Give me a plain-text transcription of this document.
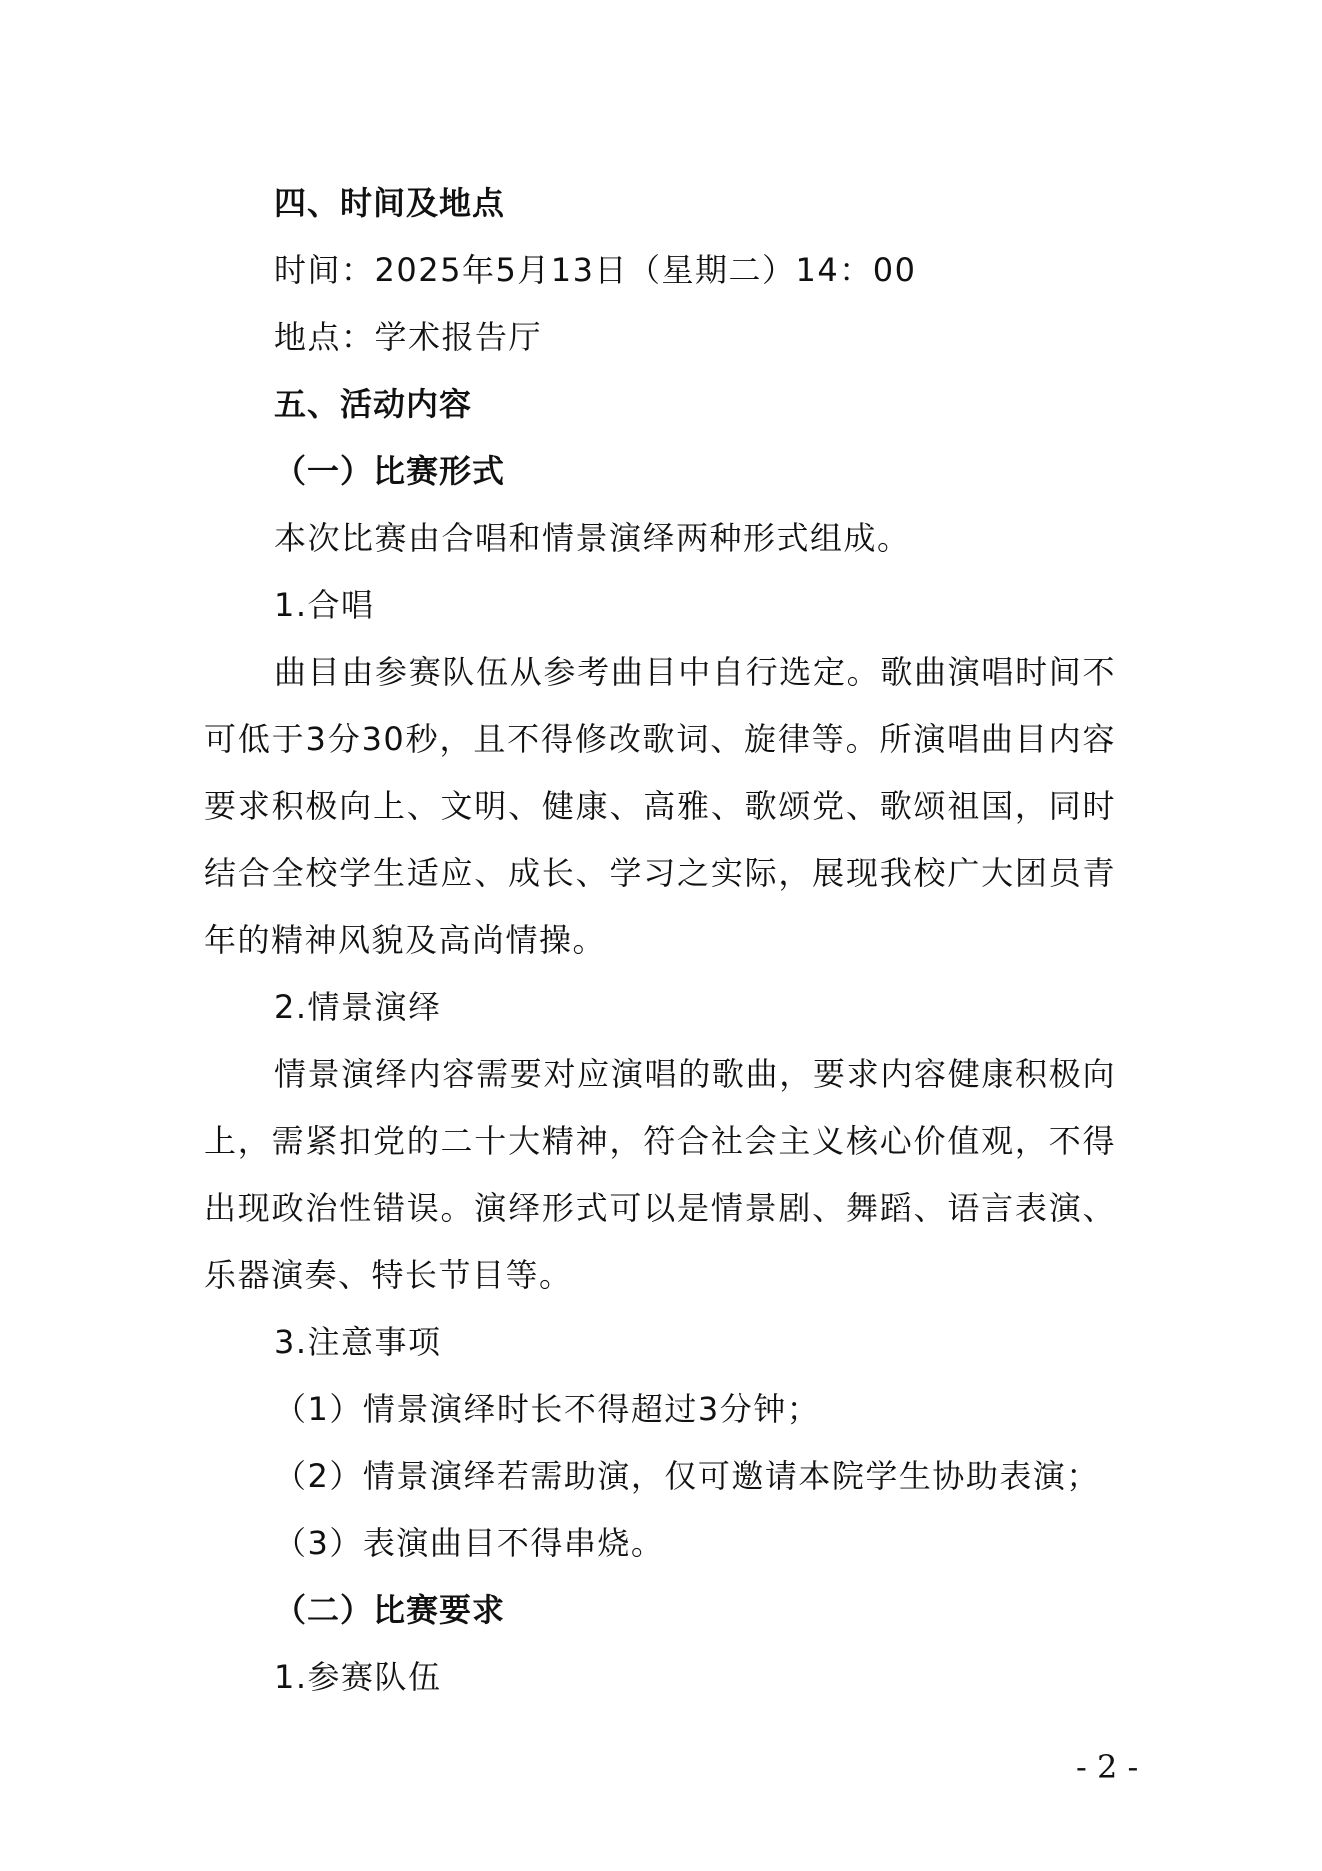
四、时间及地点
时间：2025年5月13日（星期二）14：00
地点：学术报告厅
五、活动内容
（一）比赛形式
本次比赛由合唱和情景演绎两种形式组成。
1.合唱
曲目由参赛队伍从参考曲目中自行选定。歌曲演唱时间不可低于3分30秒，且不得修改歌词、旋律等。所演唱曲目内容要求积极向上、文明、健康、高雅、歌颂党、歌颂祖国，同时结合全校学生适应、成长、学习之实际，展现我校广大团员青年的精神风貌及高尚情操。
2.情景演绎
情景演绎内容需要对应演唱的歌曲，要求内容健康积极向上，需紧扣党的二十大精神，符合社会主义核心价值观，不得出现政治性错误。演绎形式可以是情景剧、舞蹈、语言表演、乐器演奏、特长节目等。
3.注意事项
（1）情景演绎时长不得超过3分钟；
（2）情景演绎若需助演，仅可邀请本院学生协助表演；
（3）表演曲目不得串烧。
（二）比赛要求
1.参赛队伍
- 2 -
